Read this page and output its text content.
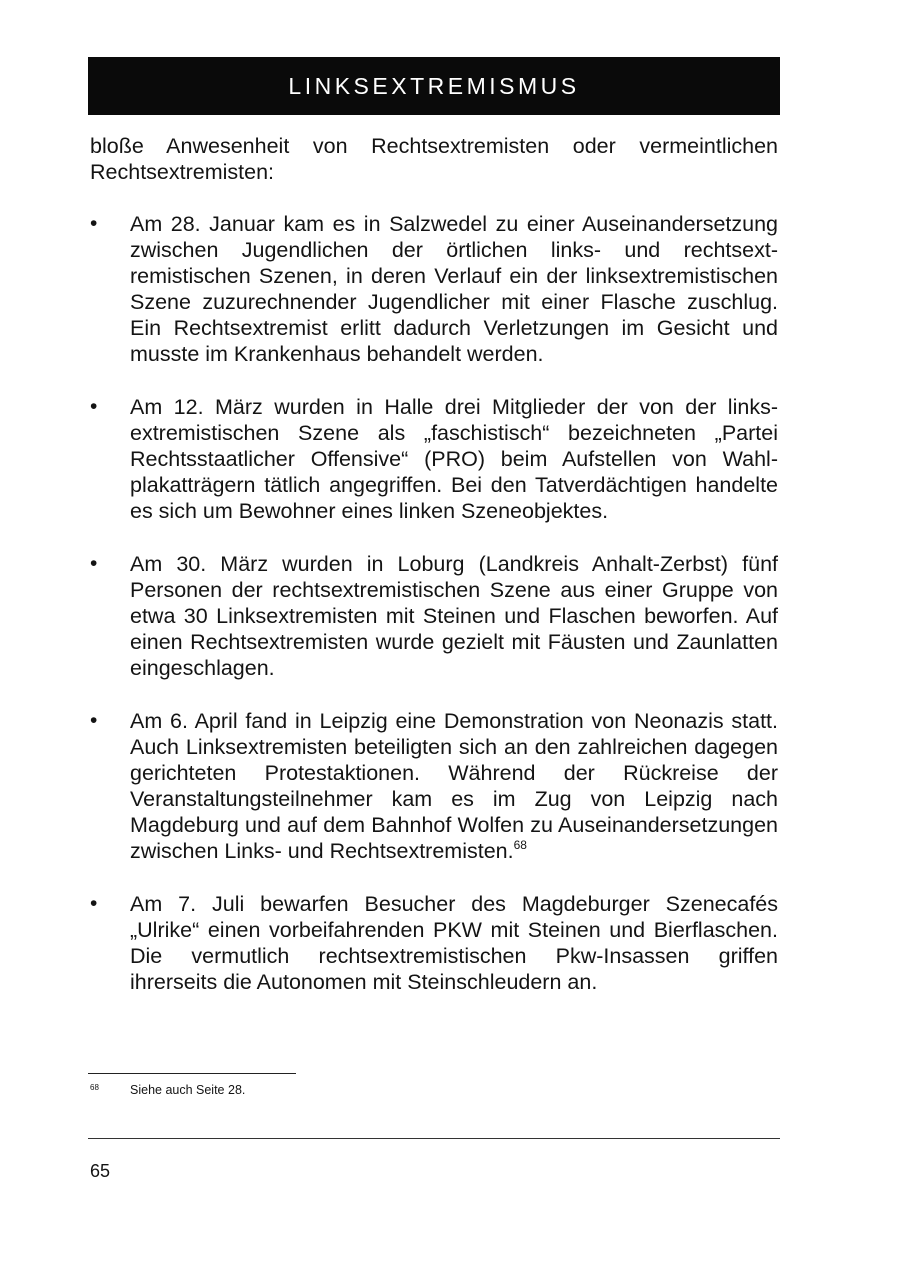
LINKSEXTREMISMUS

bloße Anwesenheit von Rechtsextremisten oder vermeintlichen Rechtsextremisten:

•	Am 28. Januar kam es in Salzwedel zu einer Auseinandersetzung zwischen Jugendlichen der örtlichen links- und rechtsextremistischen Szenen, in deren Verlauf ein der linksextremistischen Szene zuzurechnender Jugendlicher mit einer Flasche zuschlug. Ein Rechtsextremist erlitt dadurch Verletzungen im Gesicht und musste im Krankenhaus behandelt werden.

•	Am 12. März wurden in Halle drei Mitglieder der von der linksextremistischen Szene als „faschistisch“ bezeichneten „Partei Rechtsstaatlicher Offensive“ (PRO) beim Aufstellen von Wahlplakatträgern tätlich angegriffen. Bei den Tatverdächtigen handelte es sich um Bewohner eines linken Szeneobjektes.

•	Am 30. März wurden in Loburg (Landkreis Anhalt-Zerbst) fünf Personen der rechtsextremistischen Szene aus einer Gruppe von etwa 30 Linksextremisten mit Steinen und Flaschen beworfen. Auf einen Rechtsextremisten wurde gezielt mit Fäusten und Zaunlatten eingeschlagen.

•	Am 6. April fand in Leipzig eine Demonstration von Neonazis statt. Auch Linksextremisten beteiligten sich an den zahlreichen dagegen gerichteten Protestaktionen. Während der Rückreise der Veranstaltungsteilnehmer kam es im Zug von Leipzig nach Magdeburg und auf dem Bahnhof Wolfen zu Auseinandersetzungen zwischen Links- und Rechtsextremisten.$^{68}$

•	Am 7. Juli bewarfen Besucher des Magdeburger Szenecafés „Ulrike“ einen vorbeifahrenden PKW mit Steinen und Bierflaschen. Die vermutlich rechtsextremistischen Pkw-Insassen griffen ihrerseits die Autonomen mit Steinschleudern an.

68	Siehe auch Seite 28.
65
